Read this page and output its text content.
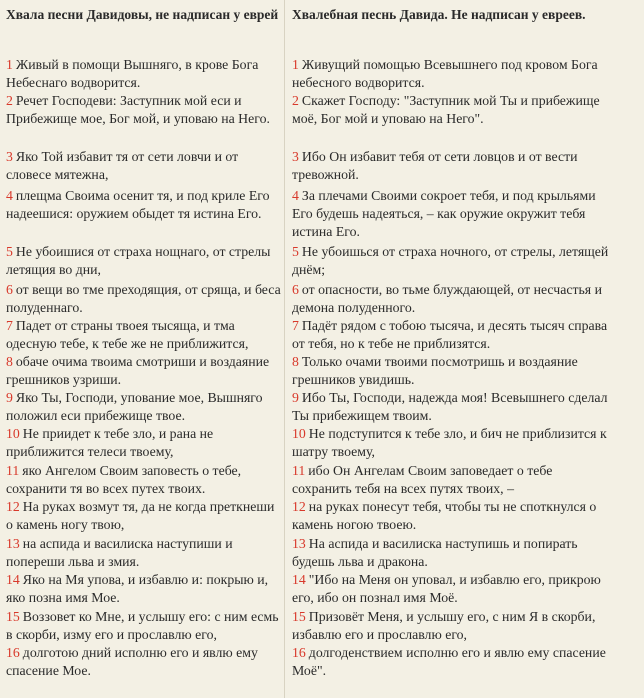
Хвала песни Давидовы, не надписан у еврей

1 Живый в помощи Вышняго, в крове Бога Небеснаго водворится.

2 Речет Господеви: Заступник мой еси и Прибежище мое, Бог мой, и уповаю на Него.

3 Яко Той избавит тя от сети ловчи и от словесе мятежна,

4 плещма Своима осенит тя, и под криле Его надеешися: оружием обыдет тя истина Его.

5 Не убоишися от страха нощнаго, от стрелы летящия во дни,

6 от вещи во тме преходящия, от сряща, и беса полуденнаго.

7 Падет от страны твоея тысяща, и тма одесную тебе, к тебе же не приближится,

8 обаче очима твоима смотриши и воздаяние грешников узриши.

9 Яко Ты, Господи, упование мое, Вышняго положил еси прибежище твое.

10 Не приидет к тебе зло, и рана не приближится телеси твоему,

11 яко Ангелом Своим заповесть о тебе, сохранити тя во всех путех твоих.

12 На руках возмут тя, да не когда преткнеши о камень ногу твою,

13 на аспида и василиска наступиши и попереши льва и змия.

14 Яко на Мя упова, и избавлю и: покрыю и, яко позна имя Мое.

15 Воззовет ко Мне, и услышу его: с ним есмь в скорби, изму его и прославлю его,

16 долготою дний исполню его и явлю ему спасение Мое.

Хвалебная песнь Давида. Не надписан у евреев.

1 Живущий помощью Всевышнего под кровом Бога
небесного водворится.

2 Скажет Господу: "Заступник мой Ты и прибежище
моё, Бог мой и уповаю на Него".

3 Ибо Он избавит тебя от сети ловцов и от вести
тревожной.

4 За плечами Своими сокроет тебя, и под крыльями
Его будешь надеяться, – как оружие окружит тебя
истина Его.

5 Не убоишься от страха ночного, от стрелы, летящей
днём;

6 от опасности, во тьме блуждающей, от несчастья и
демона полуденного.

7 Падёт рядом с тобою тысяча, и десять тысяч справа
от тебя, но к тебе не приблизятся.

8 Только очами твоими посмотришь и воздаяние
грешников увидишь.

9 Ибо Ты, Господи, надежда моя! Всевышнего сделал
Ты прибежищем твоим.

10 Не подступится к тебе зло, и бич не приблизится к
шатру твоему,

11 ибо Он Ангелам Своим заповедает о тебе
сохранить тебя на всех путях твоих, –

12 на руках понесут тебя, чтобы ты не споткнулся о
камень ногою твоею.

13 На аспида и василиска наступишь и попирать
будешь льва и дракона.

14 "Ибо на Меня он уповал, и избавлю его, прикрою
его, ибо он познал имя Моё.

15 Призовёт Меня, и услышу его, с ним Я в скорби,
избавлю его и прославлю его,

16 долгоденствием исполню его и явлю ему спасение
Моё".
